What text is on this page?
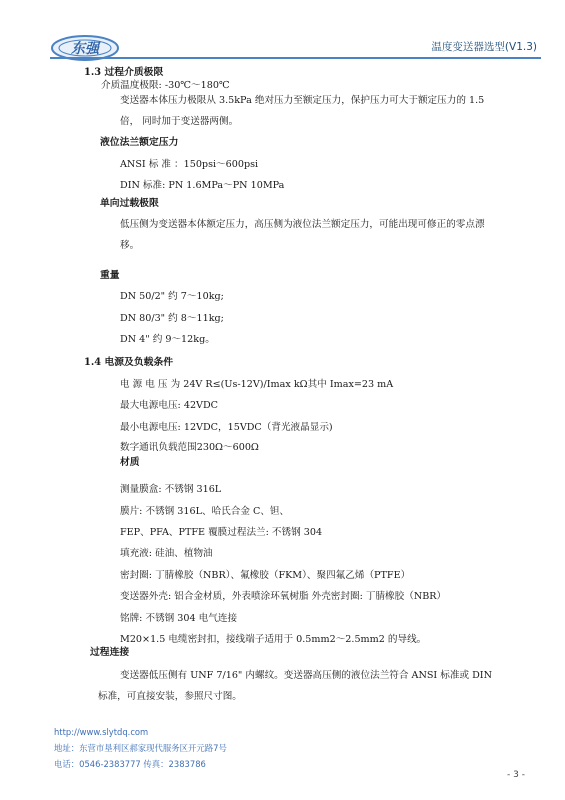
东强	温度变送器选型(V1.3)
1.3 过程介质极限
介质温度极限: -30℃～180℃
变送器本体压力极限从 3.5kPa 绝对压力至额定压力，保护压力可大于额定压力的 1.5
倍， 同时加于变送器两侧。
液位法兰额定压力
ANSI 标 准 ：150psi～600psi
DIN 标准: PN 1.6MPa～PN 10MPa
单向过载极限
低压侧为变送器本体额定压力，高压侧为液位法兰额定压力，可能出现可修正的零点漂
移。
重量
DN 50/2" 约 7～10kg;
DN 80/3" 约 8～11kg;
DN 4" 约 9～12kg。
1.4 电源及负载条件
电 源 电 压 为 24V R≤(Us-12V)/Imax kΩ其中 Imax=23 mA
最大电源电压: 42VDC
最小电源电压: 12VDC，15VDC（背光液晶显示)
数字通讯负载范围230Ω～600Ω
材质
测量膜盒: 不锈钢 316L
膜片: 不锈钢 316L、哈氏合金 C、钽、
FEP、PFA、PTFE 覆膜过程法兰: 不锈钢 304
填充液: 硅油、植物油
密封圈: 丁腈橡胶（NBR）、氟橡胶（FKM）、聚四氟乙烯（PTFE）
变送器外壳: 铝合金材质，外表喷涂环氧树脂 外壳密封圈: 丁腈橡胶（NBR）
铭牌: 不锈钢 304 电气连接
M20×1.5 电缆密封扣，接线端子适用于 0.5mm2～2.5mm2 的导线。
过程连接
变送器低压侧有 UNF 7/16" 内螺纹。变送器高压侧的液位法兰符合 ANSI 标准或 DIN
标准，可直接安装，参照尺寸图。
http://www.slytdq.com
地址：东营市垦利区郝家现代服务区开元路7号
电话：0546-2383777 传真：2383786
- 3 -
